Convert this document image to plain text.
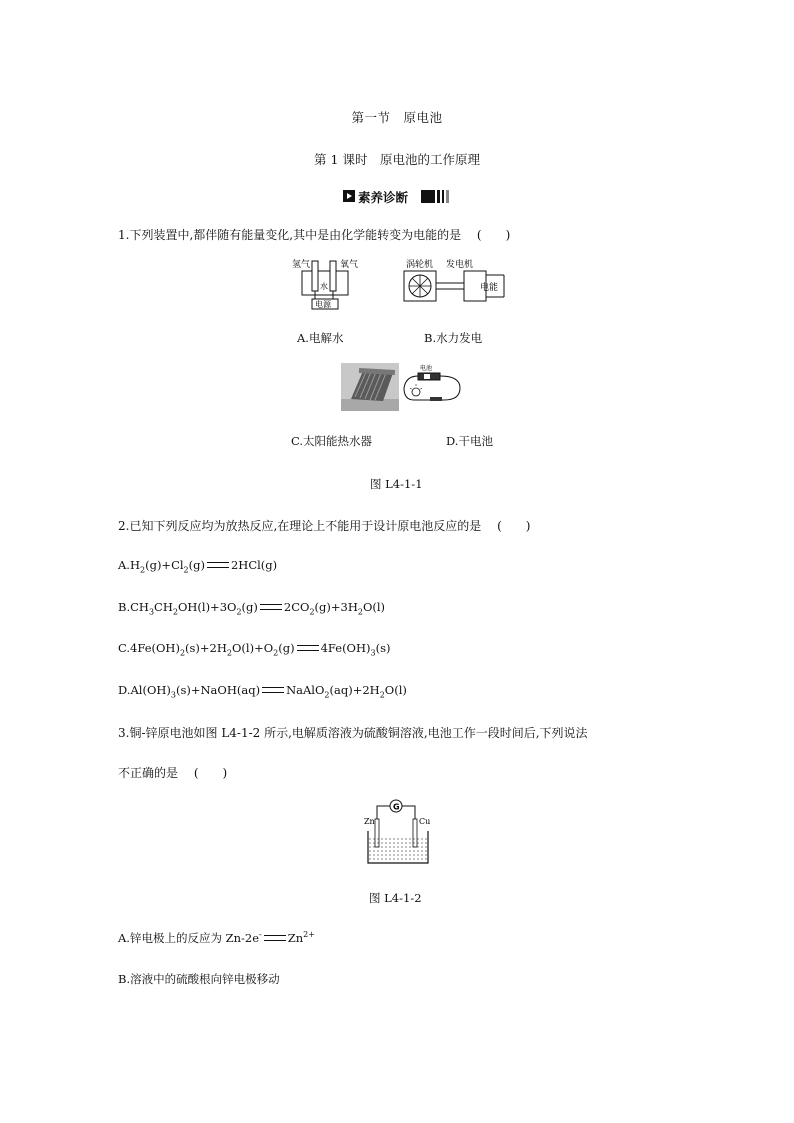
第一节　原电池
第 1 课时　原电池的工作原理
素养诊断
1.下列装置中,都伴随有能量变化,其中是由化学能转变为电能的是　 (　　)
氢气	氧气
水
电源
涡轮机 发电机
电能
A.电解水	B.水力发电
电池
C.太阳能热水器	D.干电池
图 L4-1-1
2.已知下列反应均为放热反应,在理论上不能用于设计原电池反应的是　 (　　)
$A.H_2(g)+Cl_2(g)$ 2HCl(g)
$B.CH_3CH_2OH(l)+3O_2(g)$ $2CO_2(g)+3H_2O(l)$
$C.4Fe(OH)_2(s)+2H_2O(l)+O_2(g)$ $4Fe(OH)_3(s)$
$D.Al(OH)_3(s)+NaOH(aq)$ $NaAlO_2(aq)+2H_2O(l)$
3.铜-锌原电池如图 L4-1-2 所示,电解质溶液为硫酸铜溶液,电池工作一段时间后,下列说法
不正确的是　 (　　)
G
Zn	Cu
图 L4-1-2
A.锌电极上的反应为 Zn-2e- $Zn^{2+}$
B.溶液中的硫酸根向锌电极移动
